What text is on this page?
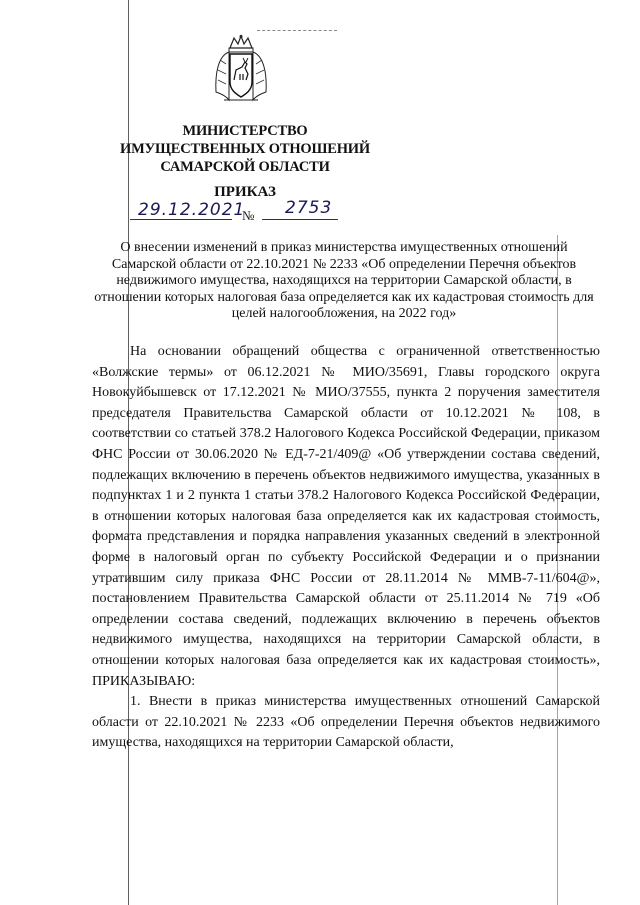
МИНИСТЕРСТВО
ИМУЩЕСТВЕННЫХ ОТНОШЕНИЙ
САМАРСКОЙ ОБЛАСТИ
ПРИКАЗ
29.12.2021
№ 2753
О внесении изменений в приказ министерства имущественных отношений Самарской области от 22.10.2021 № 2233 «Об определении Перечня объектов недвижимого имущества, находящихся на территории Самарской области, в отношении которых налоговая база определяется как их кадастровая стоимость для целей налогообложения, на 2022 год»

На основании обращений общества с ограниченной ответственностью «Волжские термы» от 06.12.2021 № МИО/35691, Главы городского округа Новокуйбышевск от 17.12.2021 № МИО/37555, пункта 2 поручения заместителя председателя Правительства Самарской области от 10.12.2021 № 108, в соответствии со статьей 378.2 Налогового Кодекса Российской Федерации, приказом ФНС России от 30.06.2020 № ЕД-7-21/409@ «Об утверждении состава сведений, подлежащих включению в перечень объектов недвижимого имущества, указанных в подпунктах 1 и 2 пункта 1 статьи 378.2 Налогового Кодекса Российской Федерации, в отношении которых налоговая база определяется как их кадастровая стоимость, формата представления и порядка направления указанных сведений в электронной форме в налоговый орган по субъекту Российской Федерации и о признании утратившим силу приказа ФНС России от 28.11.2014 № ММВ-7-11/604@», постановлением Правительства Самарской области от 25.11.2014 № 719 «Об определении состава сведений, подлежащих включению в перечень объектов недвижимого имущества, находящихся на территории Самарской области, в отношении которых налоговая база определяется как их кадастровая стоимость», ПРИКАЗЫВАЮ:

1. Внести в приказ министерства имущественных отношений Самарской области от 22.10.2021 № 2233 «Об определении Перечня объектов недвижимого имущества, находящихся на территории Самарской области,
